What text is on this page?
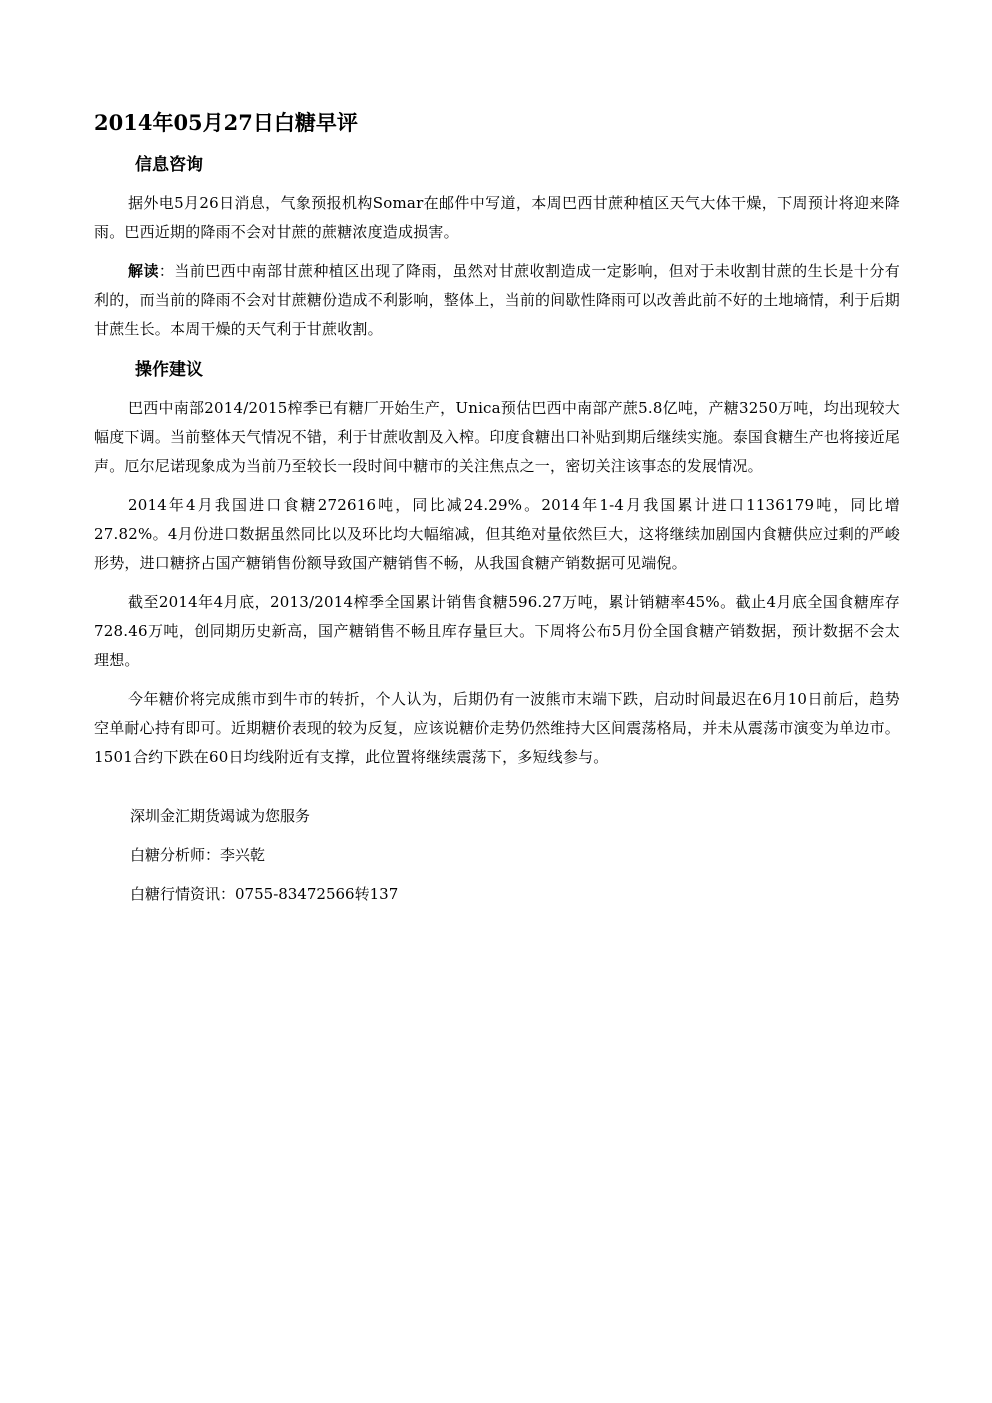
2014年05月27日白糖早评
信息咨询

据外电5月26日消息，气象预报机构Somar在邮件中写道，本周巴西甘蔗种植区天气大体干燥，下周预计将迎来降雨。巴西近期的降雨不会对甘蔗的蔗糖浓度造成损害。

解读：当前巴西中南部甘蔗种植区出现了降雨，虽然对甘蔗收割造成一定影响，但对于未收割甘蔗的生长是十分有利的，而当前的降雨不会对甘蔗糖份造成不利影响，整体上，当前的间歇性降雨可以改善此前不好的土地墒情，利于后期甘蔗生长。本周干燥的天气利于甘蔗收割。

操作建议

巴西中南部2014/2015榨季已有糖厂开始生产，Unica预估巴西中南部产蔗5.8亿吨，产糖3250万吨，均出现较大幅度下调。当前整体天气情况不错，利于甘蔗收割及入榨。印度食糖出口补贴到期后继续实施。泰国食糖生产也将接近尾声。厄尔尼诺现象成为当前乃至较长一段时间中糖市的关注焦点之一，密切关注该事态的发展情况。

2014年4月我国进口食糖272616吨，同比减24.29%。2014年1-4月我国累计进口1136179吨，同比增27.82%。4月份进口数据虽然同比以及环比均大幅缩减，但其绝对量依然巨大，这将继续加剧国内食糖供应过剩的严峻形势，进口糖挤占国产糖销售份额导致国产糖销售不畅，从我国食糖产销数据可见端倪。

截至2014年4月底，2013/2014榨季全国累计销售食糖596.27万吨，累计销糖率45%。截止4月底全国食糖库存728.46万吨，创同期历史新高，国产糖销售不畅且库存量巨大。下周将公布5月份全国食糖产销数据，预计数据不会太理想。

今年糖价将完成熊市到牛市的转折，个人认为，后期仍有一波熊市末端下跌，启动时间最迟在6月10日前后，趋势空单耐心持有即可。近期糖价表现的较为反复，应该说糖价走势仍然维持大区间震荡格局，并未从震荡市演变为单边市。1501合约下跌在60日均线附近有支撑，此位置将继续震荡下，多短线参与。

深圳金汇期货竭诚为您服务
白糖分析师：李兴乾
白糖行情资讯：0755-83472566转137
